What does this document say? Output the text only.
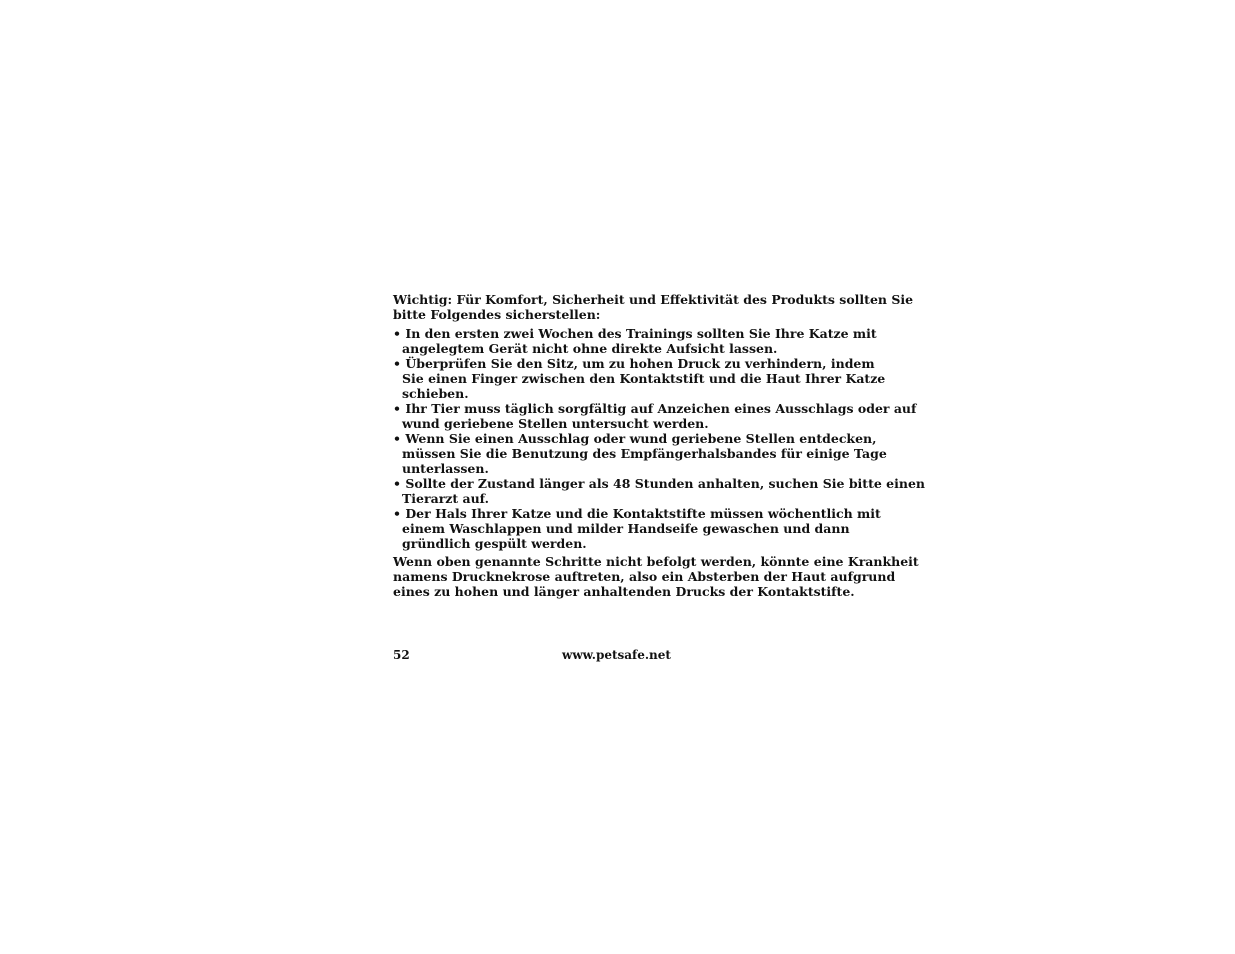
Wichtig: Für Komfort, Sicherheit und Effektivität des Produkts sollten Sie
bitte Folgendes sicherstellen:

• In den ersten zwei Wochen des Trainings sollten Sie Ihre Katze mit
angelegtem Gerät nicht ohne direkte Aufsicht lassen.
• Überprüfen Sie den Sitz, um zu hohen Druck zu verhindern, indem
Sie einen Finger zwischen den Kontaktstift und die Haut Ihrer Katze
schieben.
• Ihr Tier muss täglich sorgfältig auf Anzeichen eines Ausschlags oder auf
wund geriebene Stellen untersucht werden.
• Wenn Sie einen Ausschlag oder wund geriebene Stellen entdecken,
müssen Sie die Benutzung des Empfängerhalsbandes für einige Tage
unterlassen.
• Sollte der Zustand länger als 48 Stunden anhalten, suchen Sie bitte einen
Tierarzt auf.
• Der Hals Ihrer Katze und die Kontaktstifte müssen wöchentlich mit
einem Waschlappen und milder Handseife gewaschen und dann
gründlich gespült werden.

Wenn oben genannte Schritte nicht befolgt werden, könnte eine Krankheit
namens Drucknekrose auftreten, also ein Absterben der Haut aufgrund
eines zu hohen und länger anhaltenden Drucks der Kontaktstifte.

52	www.petsafe.net
